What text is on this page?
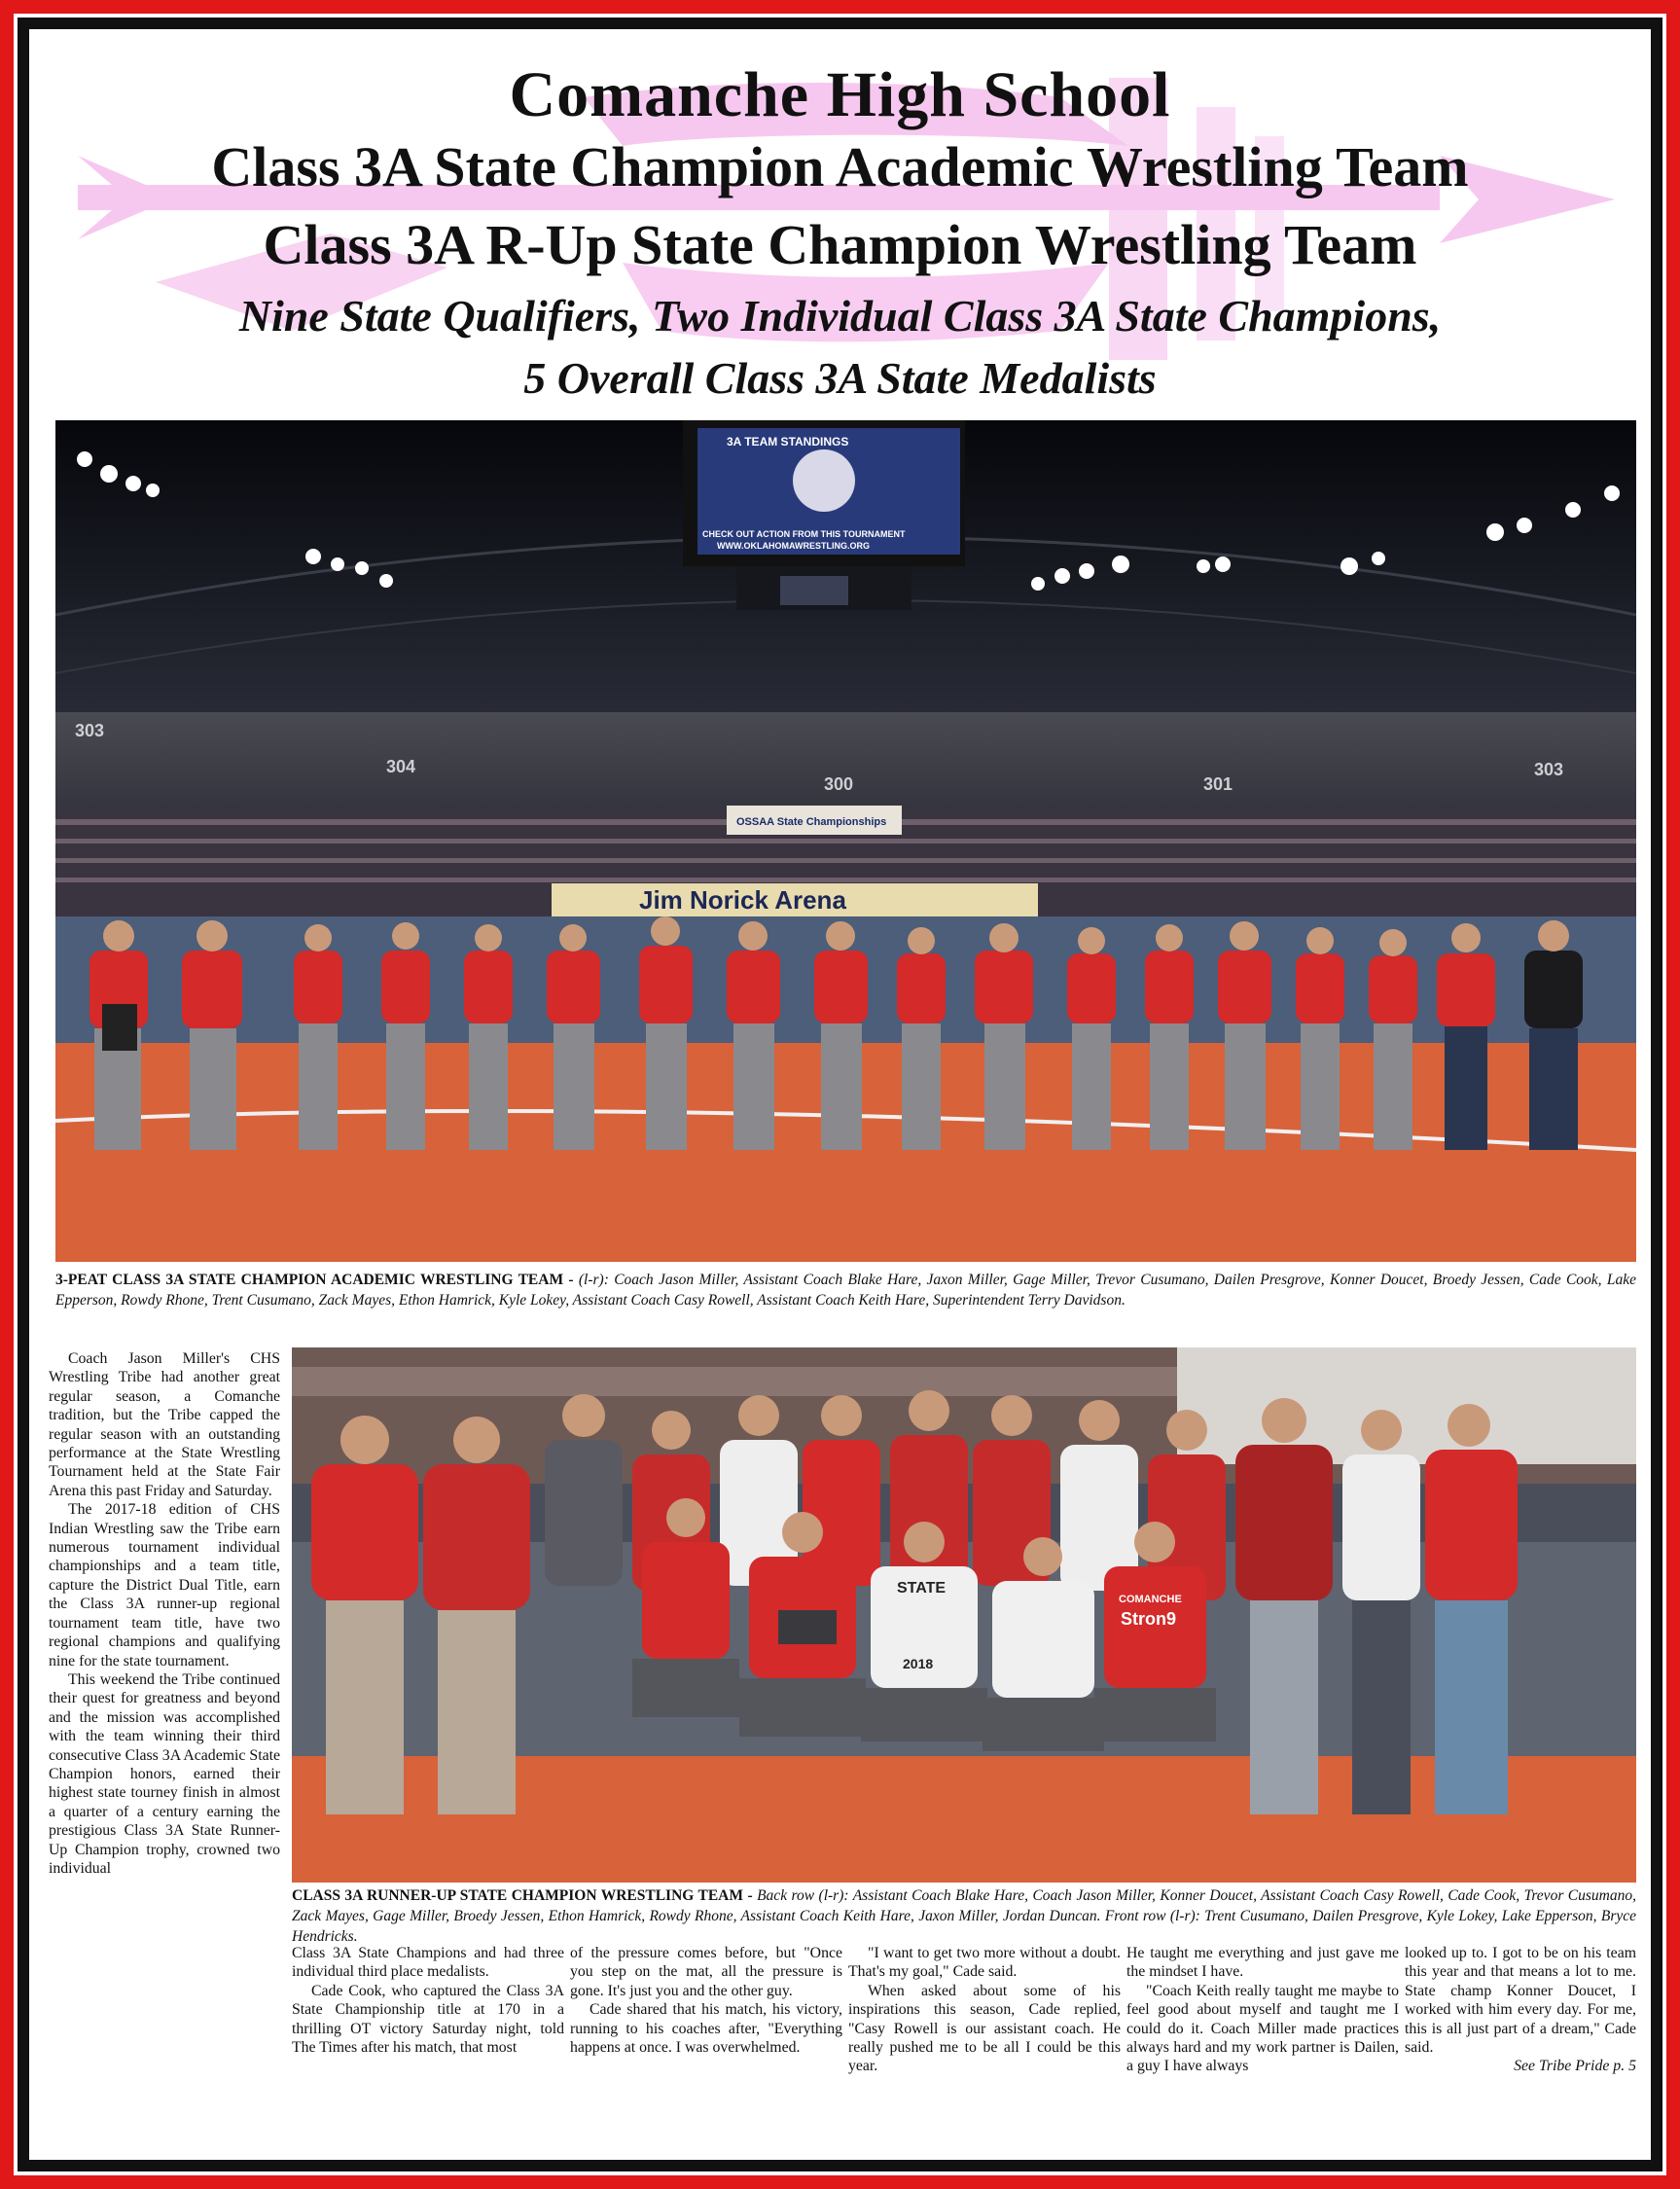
Comanche High School
Class 3A State Champion Academic Wrestling Team
Class 3A R-Up State Champion Wrestling Team
Nine State Qualifiers, Two Individual Class 3A State Champions,
5 Overall Class 3A State Medalists
3A TEAM STANDINGS
CHECK OUT ACTION FROM THIS TOURNAMENT
WWW.OKLAHOMAWRESTLING.ORG
303
304
300	301
303
OSSAA State Championships
Jim Norick Arena
3-PEAT CLASS 3A STATE CHAMPION ACADEMIC WRESTLING TEAM - (l-r): Coach Jason Miller, Assistant Coach Blake Hare, Jaxon Miller, Gage Miller, Trevor Cusumano, Dailen Presgrove, Konner Doucet, Broedy Jessen, Cade Cook, Lake Epperson, Rowdy Rhone, Trent Cusumano, Zack Mayes, Ethon Hamrick, Kyle Lokey, Assistant Coach Casy Rowell, Assistant Coach Keith Hare, Superintendent Terry Davidson.
STATE
2018
COMANCHE
Stron9
CLASS 3A RUNNER-UP STATE CHAMPION WRESTLING TEAM - Back row (l-r): Assistant Coach Blake Hare, Coach Jason Miller, Konner Doucet, Assistant Coach Casy Rowell, Cade Cook, Trevor Cusumano, Zack Mayes, Gage Miller, Broedy Jessen, Ethon Hamrick, Rowdy Rhone, Assistant Coach Keith Hare, Jaxon Miller, Jordan Duncan. Front row (l-r): Trent Cusumano, Dailen Presgrove, Kyle Lokey, Lake Epperson, Bryce Hendricks.

Coach Jason Miller's CHS Wrestling Tribe had another great regular season, a Comanche tradition, but the Tribe capped the regular season with an outstanding performance at the State Wrestling Tournament held at the State Fair Arena this past Friday and Saturday.

The 2017-18 edition of CHS Indian Wrestling saw the Tribe earn numerous tournament individual championships and a team title, capture the District Dual Title, earn the Class 3A runner-up regional tournament team title, have two regional champions and qualifying nine for the state tournament.

This weekend the Tribe continued their quest for greatness and beyond and the mission was accomplished with the team winning their third consecutive Class 3A Academic State Champion honors, earned their highest state tourney finish in almost a quarter of a century earning the prestigious Class 3A State Runner-Up Champion trophy, crowned two individual

Class 3A State Champions and had three individual third place medalists.

Cade Cook, who captured the Class 3A State Championship title at 170 in a thrilling OT victory Saturday night, told The Times after his match, that most

of the pressure comes before, but "Once you step on the mat, all the pressure is gone. It's just you and the other guy.

Cade shared that his match, his victory, running to his coaches after, "Everything happens at once. I was overwhelmed.

"I want to get two more without a doubt. That's my goal," Cade said.

When asked about some of his inspirations this season, Cade replied, "Casy Rowell is our assistant coach. He really pushed me to be all I could be this year.

He taught me everything and just gave me the mindset I have.

"Coach Keith really taught me maybe to feel good about myself and taught me I could do it. Coach Miller made practices always hard and my work partner is Dailen, a guy I have always

looked up to. I got to be on his team this year and that means a lot to me. State champ Konner Doucet, I worked with him every day. For me, this is all just part of a dream," Cade said.

See Tribe Pride p. 5
